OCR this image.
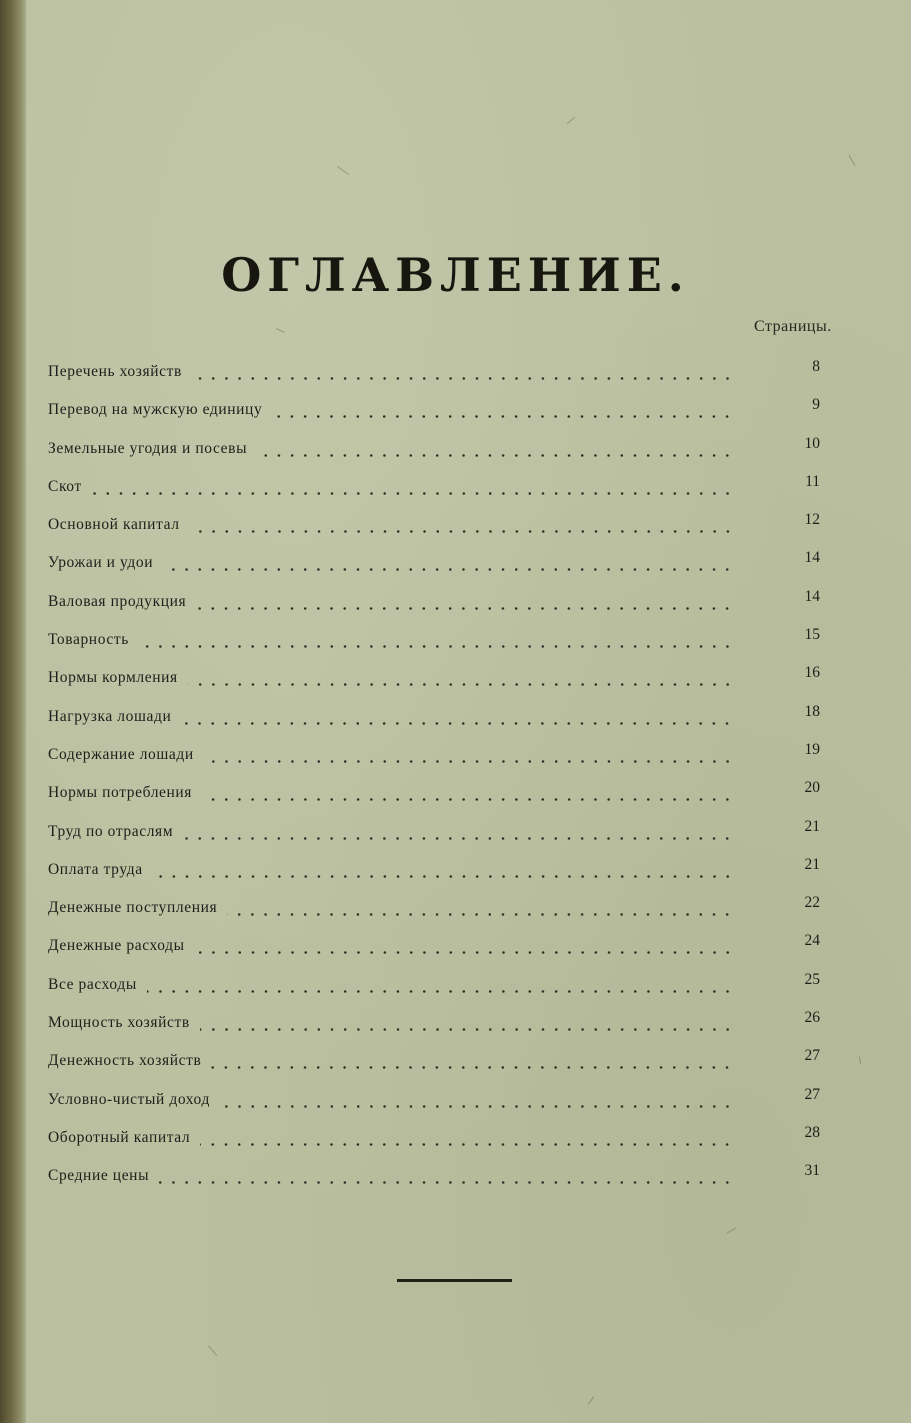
ОГЛАВЛЕНИЕ.
Страницы.
Перечень хозяйств	8
Перевод на мужскую единицу	9
Земельные угодия и посевы	10
Скот	11
Основной капитал	12
Урожаи и удои	14
Валовая продукция	14
Товарность	15
Нормы кормления	16
Нагрузка лошади	18
Содержание лошади	19
Нормы потребления	20
Труд по отраслям	21
Оплата труда	21
Денежные поступления	22
Денежные расходы	24
Все расходы	25
Мощность хозяйств	26
Денежность хозяйств	27
Условно-чистый доход	27
Оборотный капитал	28
Средние цены	31
